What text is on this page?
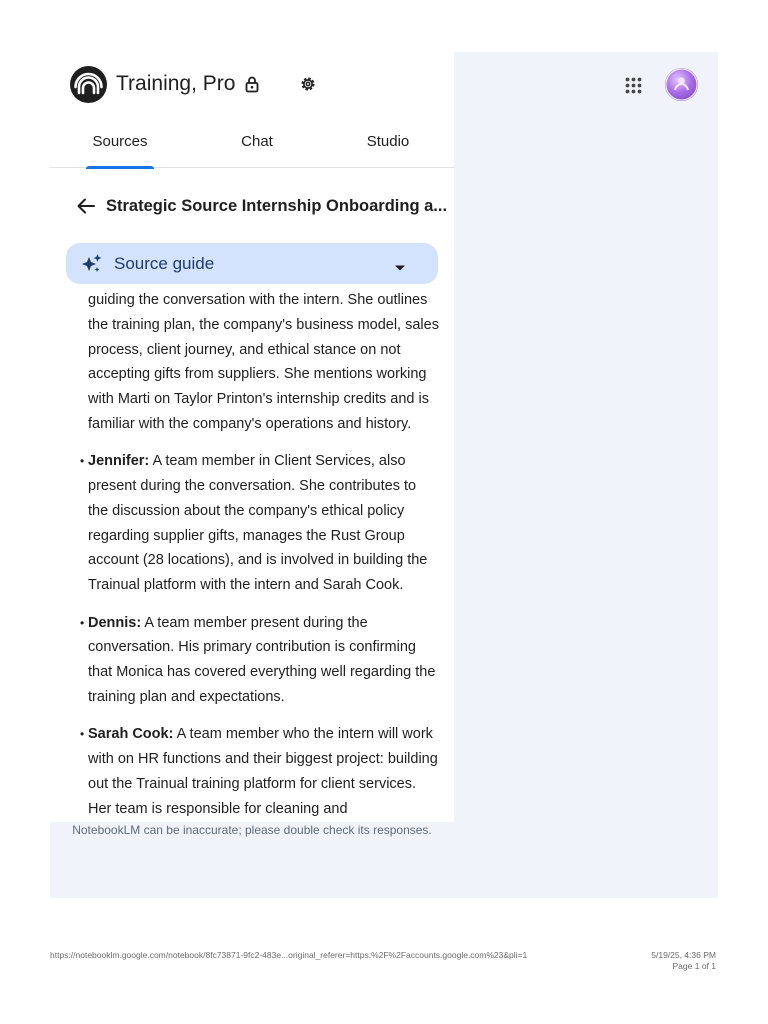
Training, Pro
Sources	Chat	Studio
Strategic Source Internship Onboarding a...
Source guide

guiding the conversation with the intern. She outlines the training plan, the company's business model, sales process, client journey, and ethical stance on not accepting gifts from suppliers. She mentions working with Marti on Taylor Printon's internship credits and is familiar with the company's operations and history.

• Jennifer: A team member in Client Services, also present during the conversation. She contributes to the discussion about the company's ethical policy regarding supplier gifts, manages the Rust Group account (28 locations), and is involved in building the Trainual platform with the intern and Sarah Cook.
• Dennis: A team member present during the conversation. His primary contribution is confirming that Monica has covered everything well regarding the training plan and expectations.
• Sarah Cook: A team member who the intern will work with on HR functions and their biggest project: building out the Trainual training platform for client services. Her team is responsible for cleaning and
NotebookLM can be inaccurate; please double check its responses.
https://notebooklm.google.com/notebook/8fc73871-9fc2-483e...original_referer=https:%2F%2Faccounts.google.com%23&pli=1	5/19/25, 4:36 PM
Page 1 of 1
